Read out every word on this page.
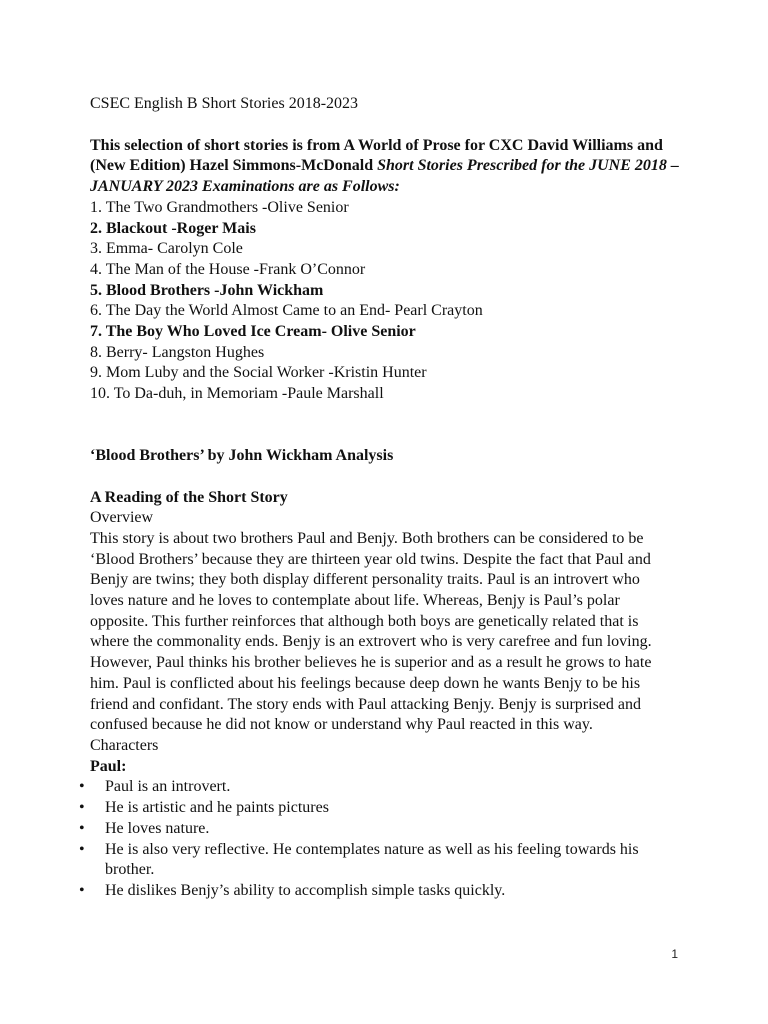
CSEC English B Short Stories 2018-2023

This selection of short stories is from A World of Prose for CXC David Williams and (New Edition) Hazel Simmons-McDonald Short Stories Prescribed for the JUNE 2018 – JANUARY 2023 Examinations are as Follows:
1. The Two Grandmothers -Olive Senior
2. Blackout -Roger Mais
3. Emma- Carolyn Cole
4. The Man of the House -Frank O’Connor
5. Blood Brothers -John Wickham
6. The Day the World Almost Came to an End- Pearl Crayton
7. The Boy Who Loved Ice Cream- Olive Senior
8. Berry- Langston Hughes
9. Mom Luby and the Social Worker -Kristin Hunter
10. To Da-duh, in Memoriam -Paule Marshall
‘Blood Brothers’ by John Wickham Analysis
A Reading of the Short Story
Overview

This story is about two brothers Paul and Benjy. Both brothers can be considered to be ‘Blood Brothers’ because they are thirteen year old twins. Despite the fact that Paul and Benjy are twins; they both display different personality traits. Paul is an introvert who loves nature and he loves to contemplate about life. Whereas, Benjy is Paul’s polar opposite. This further reinforces that although both boys are genetically related that is where the commonality ends. Benjy is an extrovert who is very carefree and fun loving. However, Paul thinks his brother believes he is superior and as a result he grows to hate him. Paul is conflicted about his feelings because deep down he wants Benjy to be his friend and confidant. The story ends with Paul attacking Benjy. Benjy is surprised and confused because he did not know or understand why Paul reacted in this way.

Characters
Paul:
• Paul is an introvert.
• He is artistic and he paints pictures
• He loves nature.
• He is also very reflective. He contemplates nature as well as his feeling towards his brother.
• He dislikes Benjy’s ability to accomplish simple tasks quickly.
1
